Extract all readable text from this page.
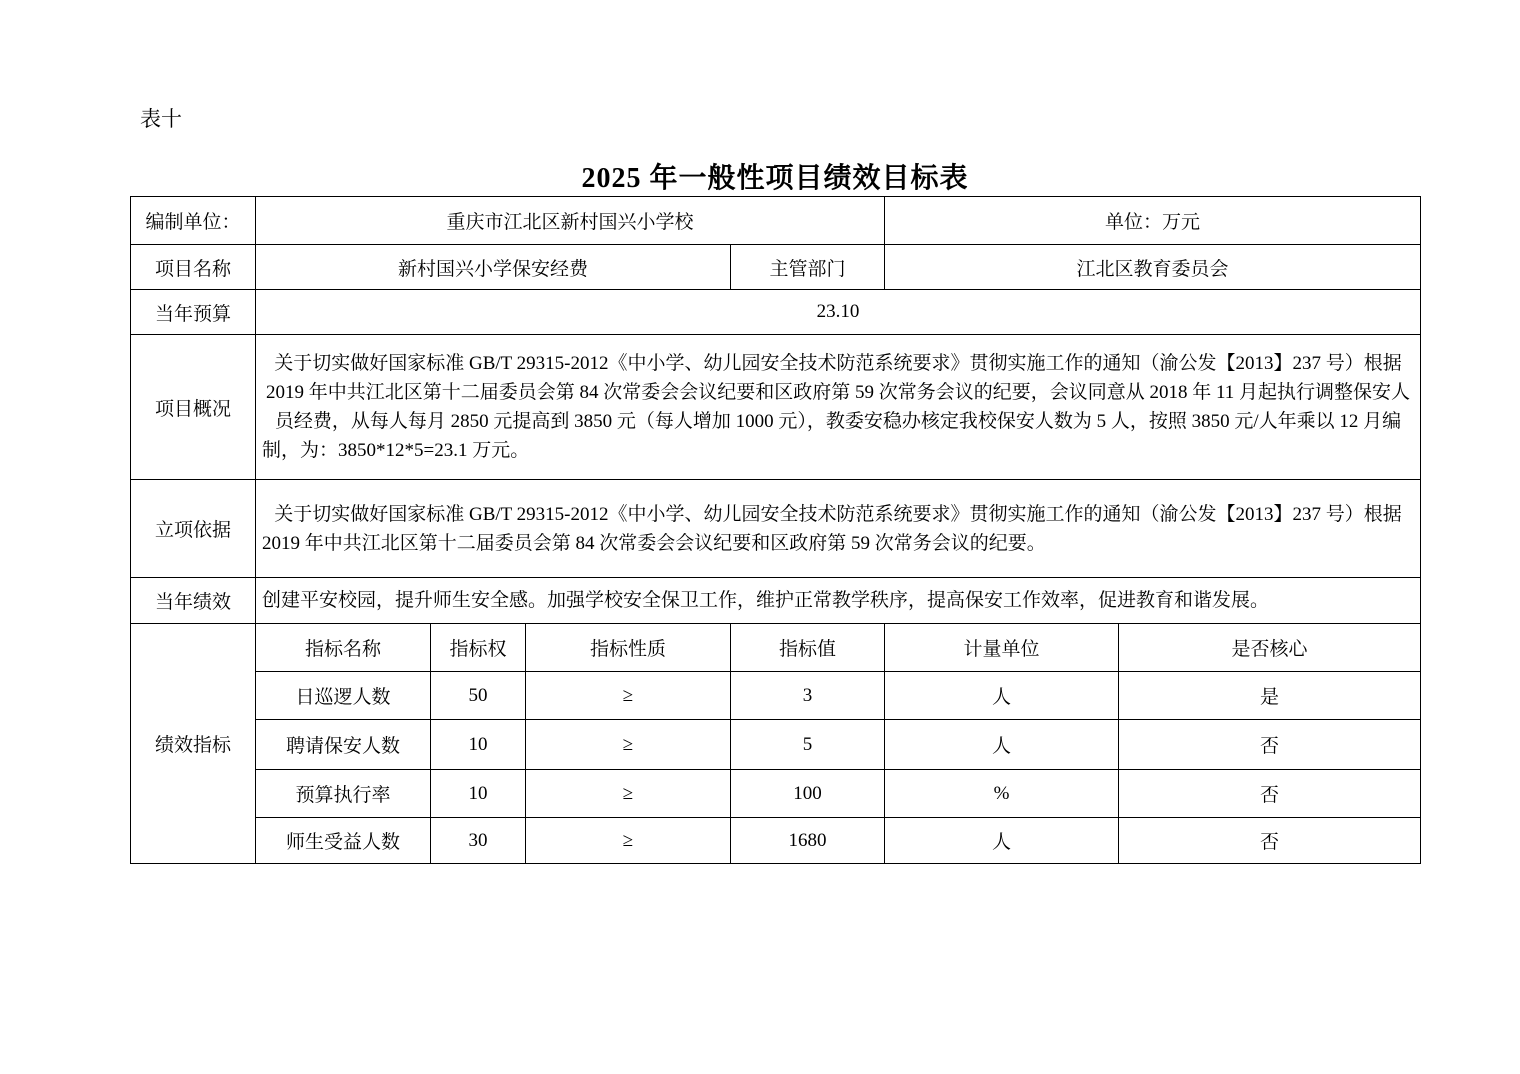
表十
2025 年一般性项目绩效目标表
编制单位：	重庆市江北区新村国兴小学校				单位：万元	
项目名称	新村国兴小学保安经费			主管部门	江北区教育委员会	
当年预算	23.10					
项目概况	关于切实做好国家标准 GB/T 29315-2012《中小学、幼儿园安全技术防范系统要求》贯彻实施工作的通知（渝公发【2013】237 号）根据 2019 年中共江北区第十二届委员会第 84 次常委会会议纪要和区政府第 59 次常务会议的纪要，会议同意从 2018 年 11 月起执行调整保安人员经费，从每人每月 2850 元提高到 3850 元（每人增加 1000 元），教委安稳办核定我校保安人数为 5 人，按照 3850 元/人年乘以 12 月编制，为：3850*12*5=23.1 万元。					
立项依据	关于切实做好国家标准 GB/T 29315-2012《中小学、幼儿园安全技术防范系统要求》贯彻实施工作的通知（渝公发【2013】237 号）根据 2019 年中共江北区第十二届委员会第 84 次常委会会议纪要和区政府第 59 次常务会议的纪要。					
当年绩效	创建平安校园，提升师生安全感。加强学校安全保卫工作，维护正常教学秩序，提高保安工作效率，促进教育和谐发展。					
绩效指标	指标名称	指标权	指标性质	指标值	计量单位	是否核心
	日巡逻人数	50	≥	3	人	是
	聘请保安人数	10	≥	5	人	否
	预算执行率	10	≥	100	%	否
	师生受益人数	30	≥	1680	人	否
